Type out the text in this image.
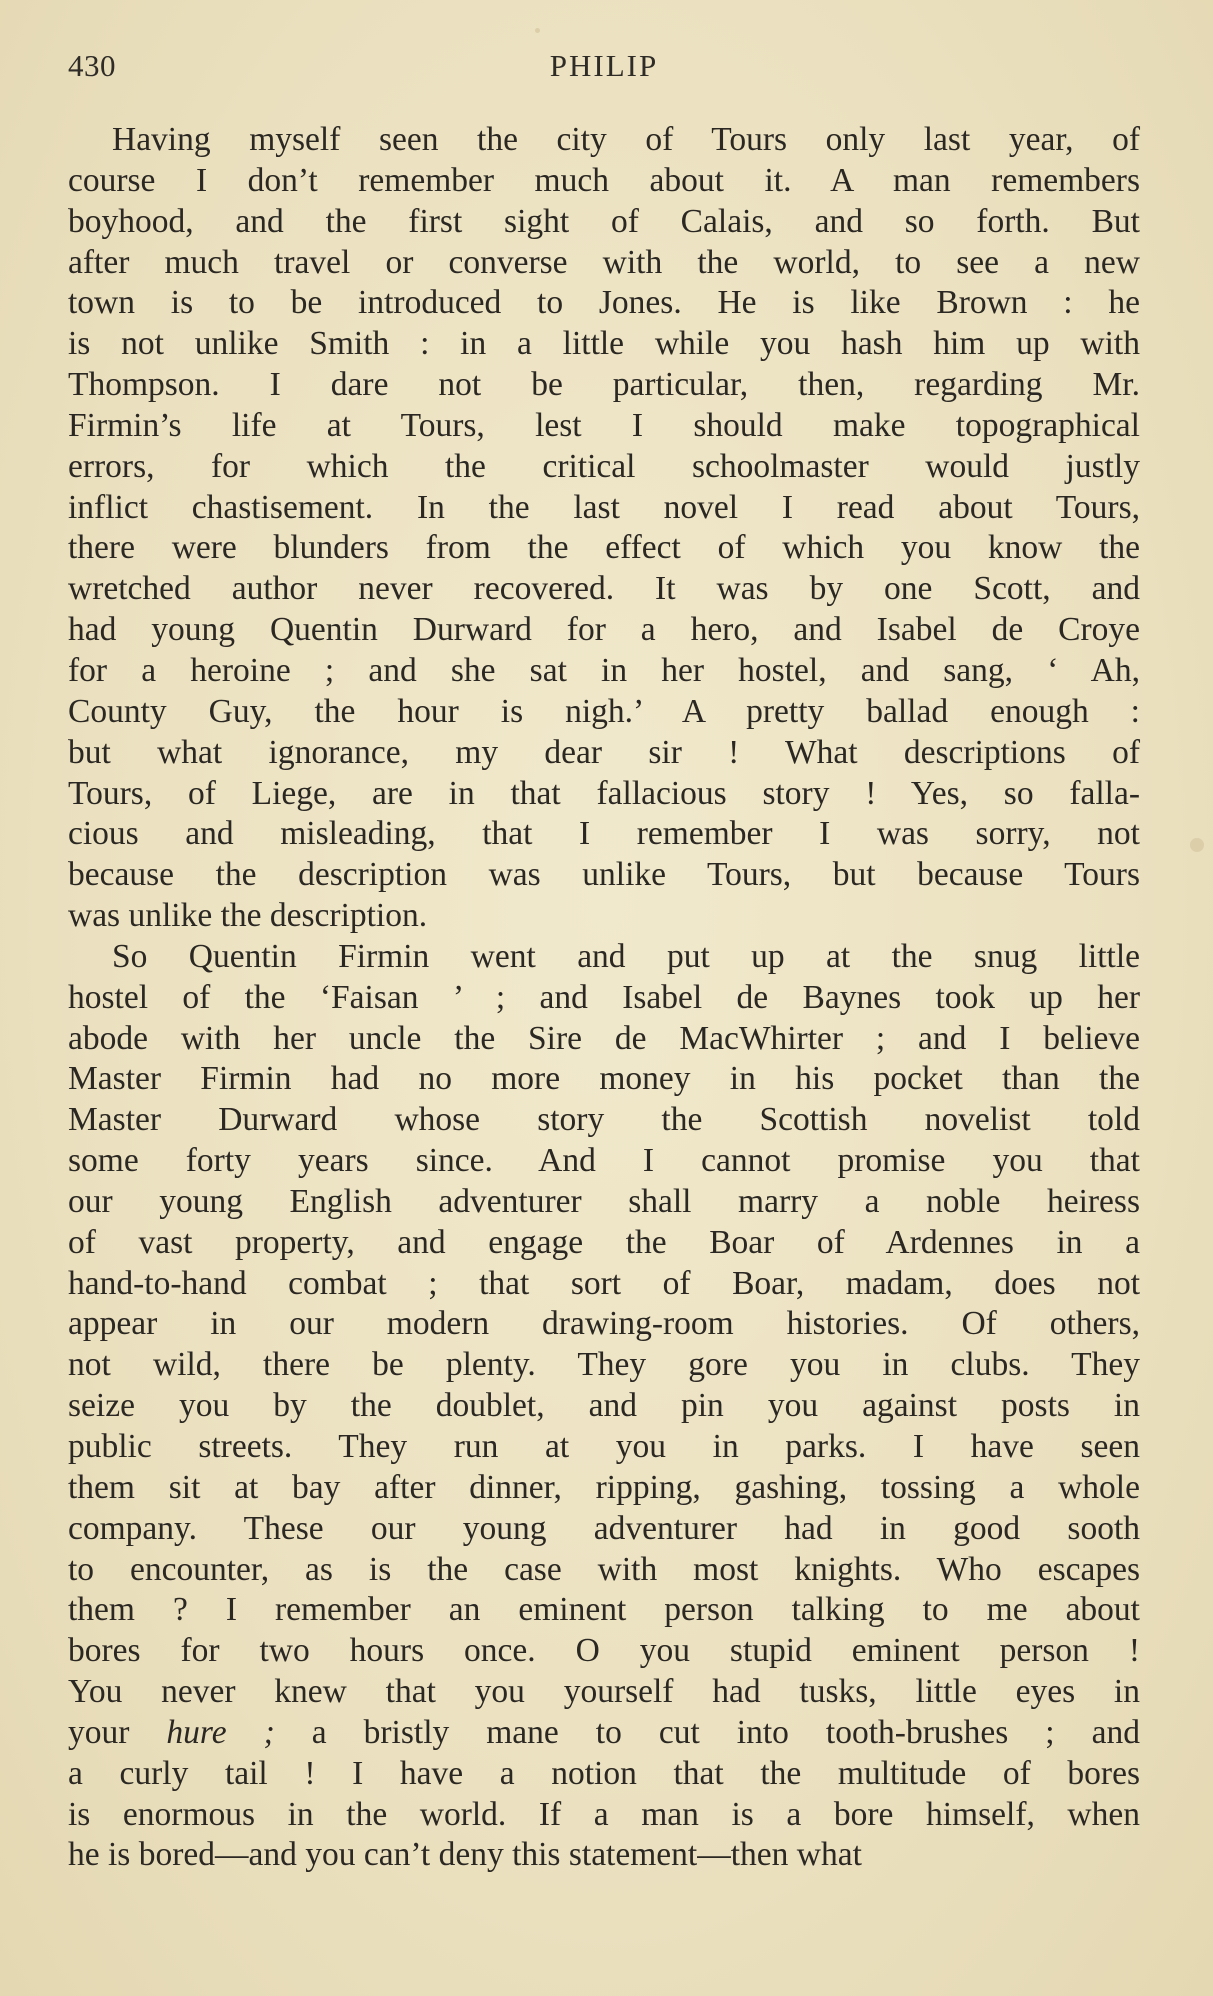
430	PHILIP
Having myself seen the city of Tours only last year, of
course I don’t remember much about it. A man remembers
boyhood, and the first sight of Calais, and so forth. But
after much travel or converse with the world, to see a new
town is to be introduced to Jones. He is like Brown : he
is not unlike Smith : in a little while you hash him up with
Thompson. I dare not be particular, then, regarding Mr.
Firmin’s life at Tours, lest I should make topographical
errors, for which the critical schoolmaster would justly
inflict chastisement. In the last novel I read about Tours,
there were blunders from the effect of which you know the
wretched author never recovered. It was by one Scott, and
had young Quentin Durward for a hero, and Isabel de Croye
for a heroine ; and she sat in her hostel, and sang, ‘ Ah,
County Guy, the hour is nigh.’ A pretty ballad enough :
but what ignorance, my dear sir ! What descriptions of
Tours, of Liege, are in that fallacious story ! Yes, so falla-
cious and misleading, that I remember I was sorry, not
because the description was unlike Tours, but because Tours
was unlike the description.
So Quentin Firmin went and put up at the snug little
hostel of the ‘Faisan ’ ; and Isabel de Baynes took up her
abode with her uncle the Sire de MacWhirter ; and I believe
Master Firmin had no more money in his pocket than the
Master Durward whose story the Scottish novelist told
some forty years since. And I cannot promise you that
our young English adventurer shall marry a noble heiress
of vast property, and engage the Boar of Ardennes in a
hand-to-hand combat ; that sort of Boar, madam, does not
appear in our modern drawing-room histories. Of others,
not wild, there be plenty. They gore you in clubs. They
seize you by the doublet, and pin you against posts in
public streets. They run at you in parks. I have seen
them sit at bay after dinner, ripping, gashing, tossing a whole
company. These our young adventurer had in good sooth
to encounter, as is the case with most knights. Who escapes
them ? I remember an eminent person talking to me about
bores for two hours once. O you stupid eminent person !
You never knew that you yourself had tusks, little eyes in
your hure ; a bristly mane to cut into tooth-brushes ; and
a curly tail ! I have a notion that the multitude of bores
is enormous in the world. If a man is a bore himself, when
he is bored—and you can’t deny this statement—then what
